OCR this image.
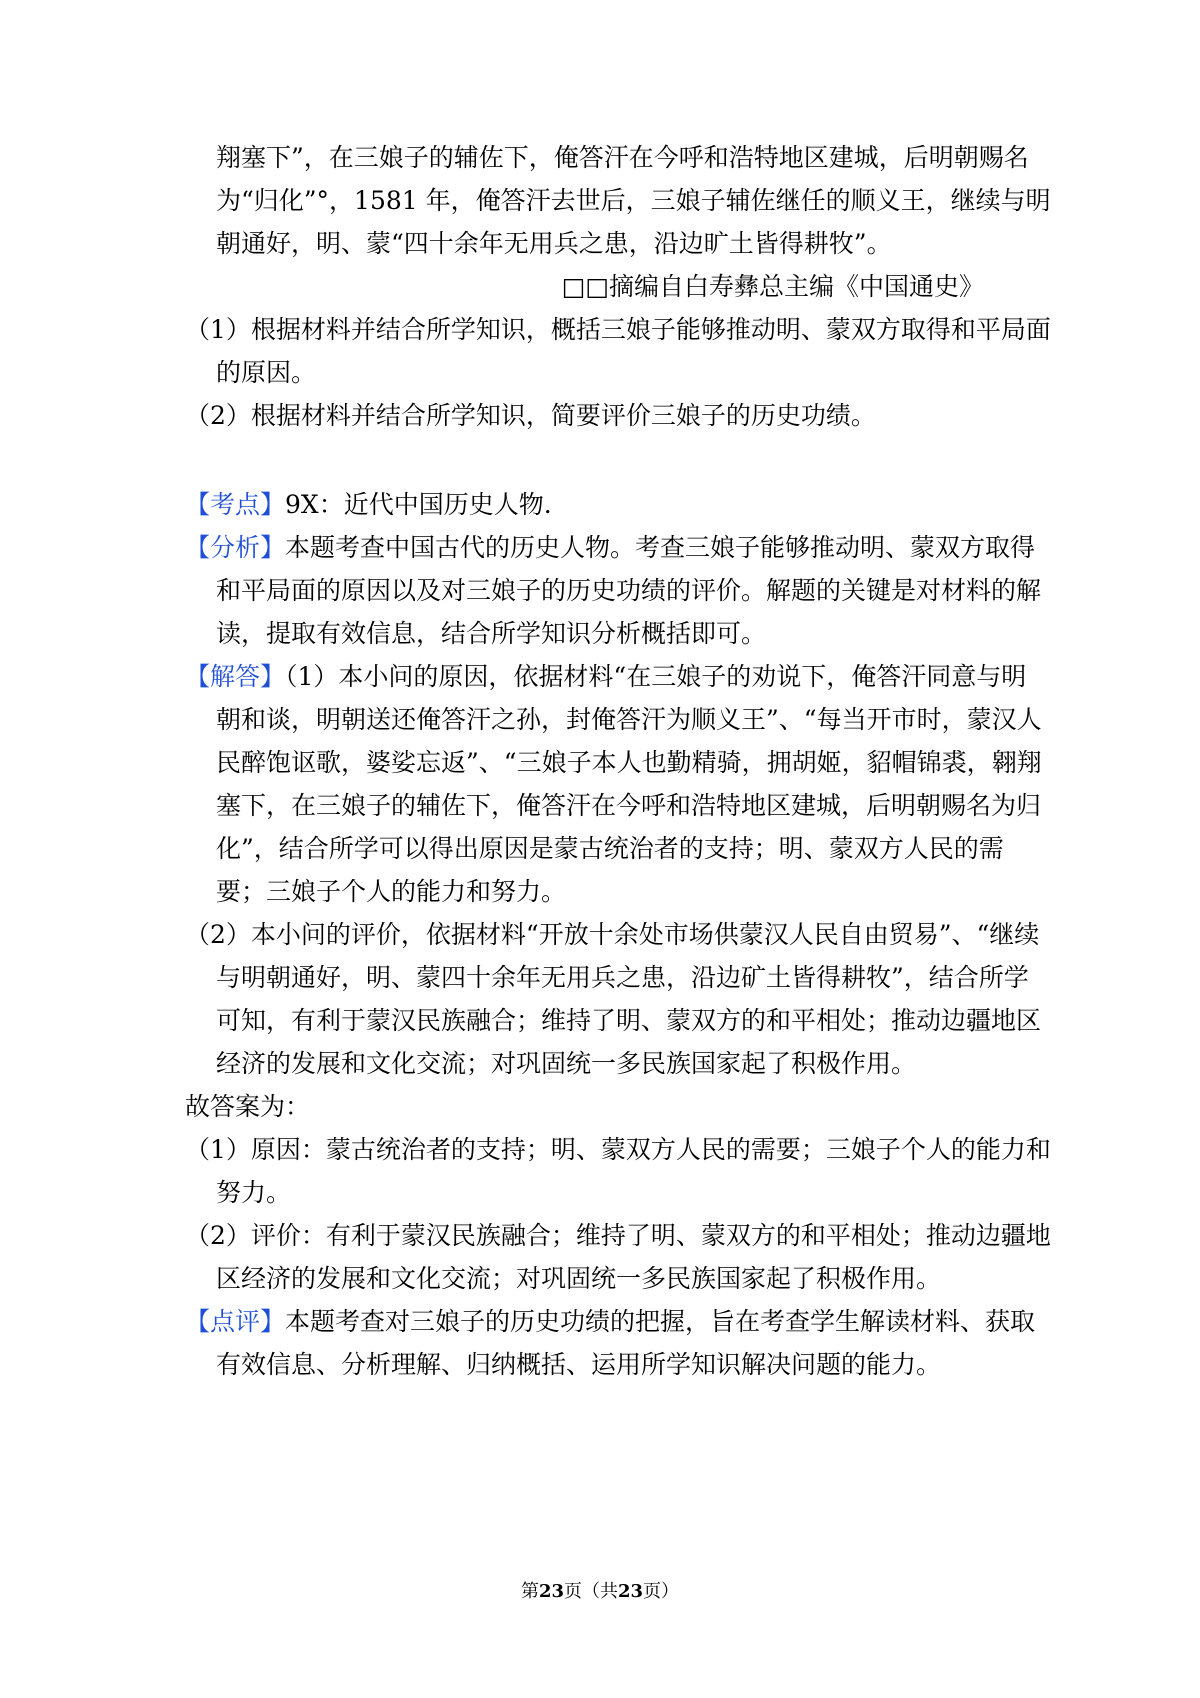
翔塞下”，在三娘子的辅佐下，俺答汗在今呼和浩特地区建城，后明朝赐名
为“归化”°，1581 年，俺答汗去世后，三娘子辅佐继任的顺义王，继续与明
朝通好，明、蒙“四十余年无用兵之患，沿边旷土皆得耕牧”。
□□摘编自白寿彝总主编《中国通史》
（1）根据材料并结合所学知识，概括三娘子能够推动明、蒙双方取得和平局面
的原因。
（2）根据材料并结合所学知识，简要评价三娘子的历史功绩。
【考点】9X：近代中国历史人物.
【分析】本题考查中国古代的历史人物。考查三娘子能够推动明、蒙双方取得
和平局面的原因以及对三娘子的历史功绩的评价。解题的关键是对材料的解
读，提取有效信息，结合所学知识分析概括即可。
【解答】（1）本小问的原因，依据材料“在三娘子的劝说下，俺答汗同意与明
朝和谈，明朝送还俺答汗之孙，封俺答汗为顺义王”、“每当开市时，蒙汉人
民醉饱讴歌，婆娑忘返”、“三娘子本人也勤精骑，拥胡姬，貂帽锦裘，翱翔
塞下，在三娘子的辅佐下，俺答汗在今呼和浩特地区建城，后明朝赐名为归
化”，结合所学可以得出原因是蒙古统治者的支持；明、蒙双方人民的需
要；三娘子个人的能力和努力。
（2）本小问的评价，依据材料“开放十余处市场供蒙汉人民自由贸易”、“继续
与明朝通好，明、蒙四十余年无用兵之患，沿边矿土皆得耕牧”，结合所学
可知，有利于蒙汉民族融合；维持了明、蒙双方的和平相处；推动边疆地区
经济的发展和文化交流；对巩固统一多民族国家起了积极作用。
故答案为：
（1）原因：蒙古统治者的支持；明、蒙双方人民的需要；三娘子个人的能力和
努力。
（2）评价：有利于蒙汉民族融合；维持了明、蒙双方的和平相处；推动边疆地
区经济的发展和文化交流；对巩固统一多民族国家起了积极作用。
【点评】本题考查对三娘子的历史功绩的把握，旨在考查学生解读材料、获取
有效信息、分析理解、归纳概括、运用所学知识解决问题的能力。
第23页（共23页）
